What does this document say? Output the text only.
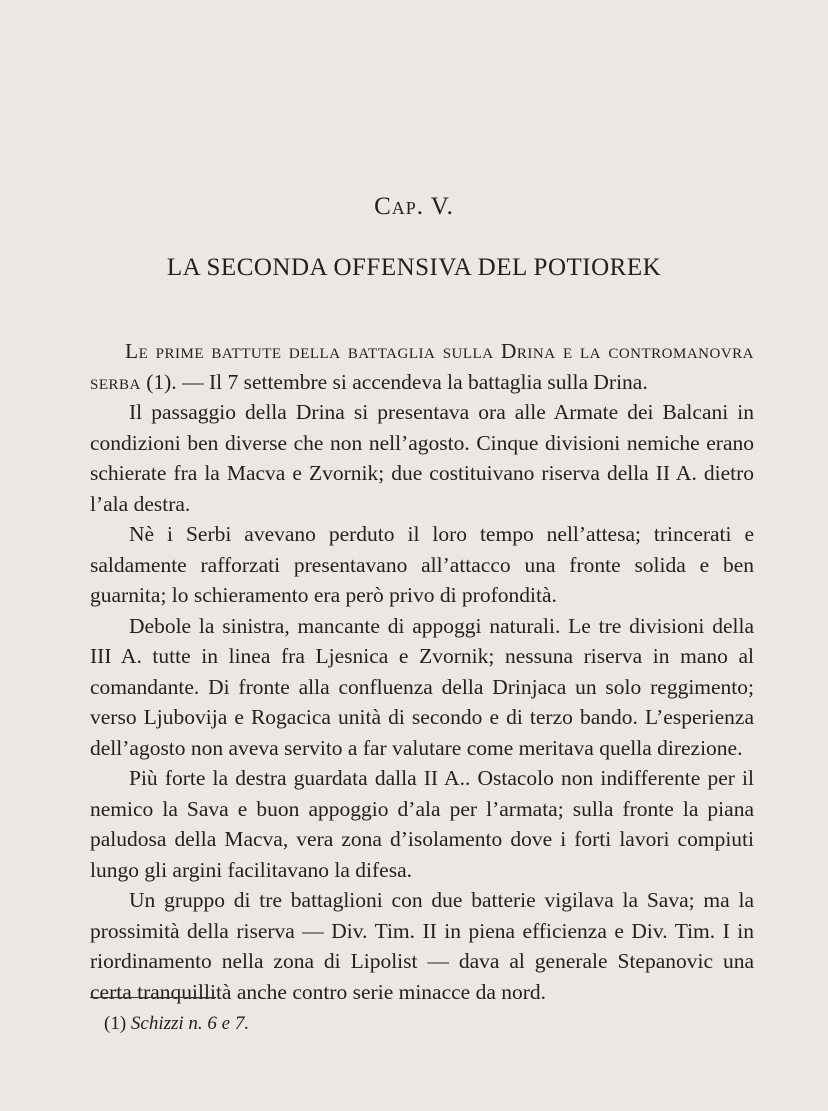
Cap. V.
LA SECONDA OFFENSIVA DEL POTIOREK

Le prime battute della battaglia sulla Drina e la contromanovra serba (1). — Il 7 settembre si accendeva la battaglia sulla Drina.

Il passaggio della Drina si presentava ora alle Armate dei Balcani in condizioni ben diverse che non nell’agosto. Cinque divisioni nemiche erano schierate fra la Macva e Zvornik; due costituivano riserva della II A. dietro l’ala destra.

Nè i Serbi avevano perduto il loro tempo nell’attesa; trincerati e saldamente rafforzati presentavano all’attacco una fronte solida e ben guarnita; lo schieramento era però privo di profondità.

Debole la sinistra, mancante di appoggi naturali. Le tre divisioni della III A. tutte in linea fra Ljesnica e Zvornik; nessuna riserva in mano al comandante. Di fronte alla confluenza della Drinjaca un solo reggimento; verso Ljubovija e Rogacica unità di secondo e di terzo bando. L’esperienza dell’agosto non aveva servito a far valutare come meritava quella direzione.

Più forte la destra guardata dalla II A.. Ostacolo non indifferente per il nemico la Sava e buon appoggio d’ala per l’armata; sulla fronte la piana paludosa della Macva, vera zona d’isolamento dove i forti lavori compiuti lungo gli argini facilitavano la difesa.

Un gruppo di tre battaglioni con due batterie vigilava la Sava; ma la prossimità della riserva — Div. Tim. II in piena efficienza e Div. Tim. I in riordinamento nella zona di Lipolist — dava al generale Stepanovic una certa tranquillità anche contro serie minacce da nord.

(1) Schizzi n. 6 e 7.
